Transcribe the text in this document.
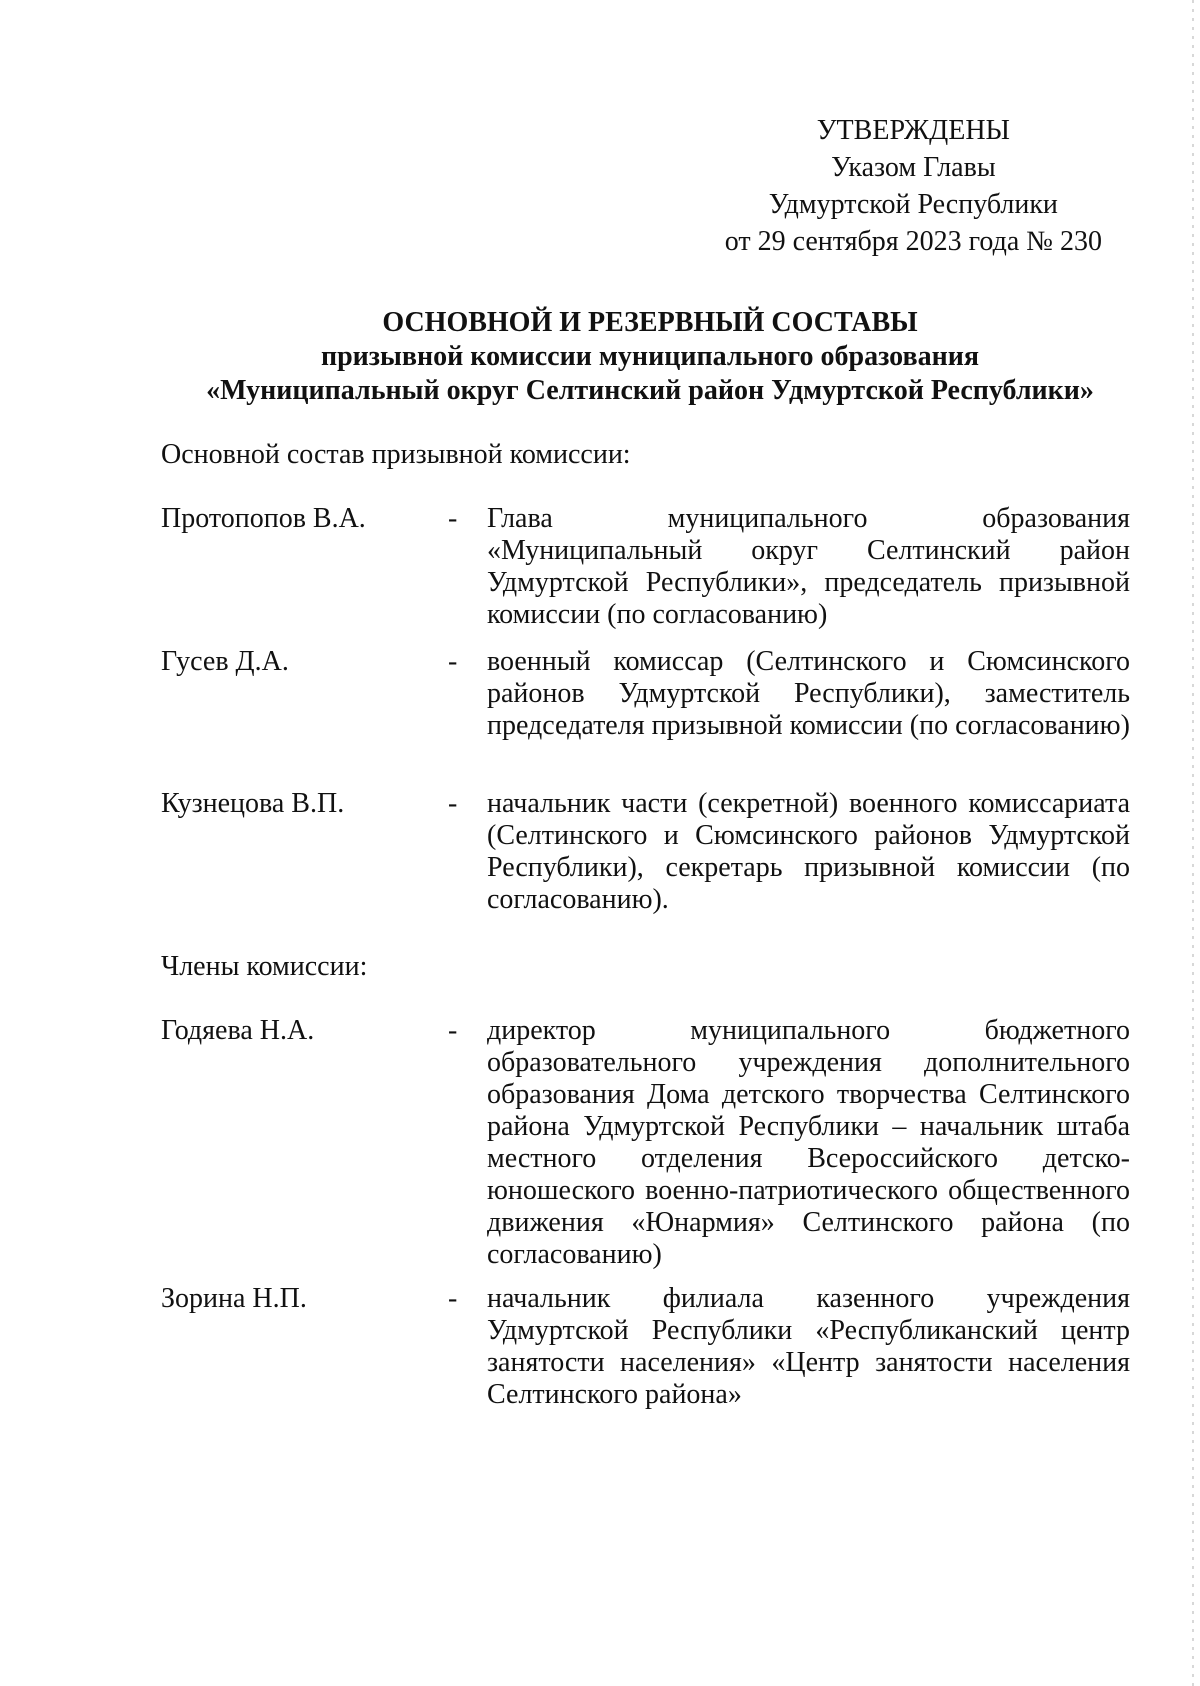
УТВЕРЖДЕНЫ
Указом Главы
Удмуртской Республики
от 29 сентября 2023 года № 230
ОСНОВНОЙ И РЕЗЕРВНЫЙ СОСТАВЫ
призывной комиссии муниципального образования
«Муниципальный округ Селтинский район Удмуртской Республики»
Основной состав призывной комиссии:
Протопопов В.А.	- Глава муниципального образования «Муниципальный округ Селтинский район Удмуртской Республики», председатель призывной комиссии (по согласованию)
Гусев Д.А.	- военный комиссар (Селтинского и Сюмсинского районов Удмуртской Республики), заместитель председателя призывной комиссии (по согласованию)
Кузнецова В.П.	- начальник части (секретной) военного комиссариата (Селтинского и Сюмсинского районов Удмуртской Республики), секретарь призывной комиссии (по согласованию).
Члены комиссии:
Годяева Н.А.	- директор муниципального бюджетного образовательного учреждения дополнительного образования Дома детского творчества Селтинского района Удмуртской Республики – начальник штаба местного отделения Всероссийского детско-юношеского военно-патриотического общественного движения «Юнармия» Селтинского района (по согласованию)
Зорина Н.П.	- начальник филиала казенного учреждения Удмуртской Республики «Республиканский центр занятости населения» «Центр занятости населения Селтинского района»
